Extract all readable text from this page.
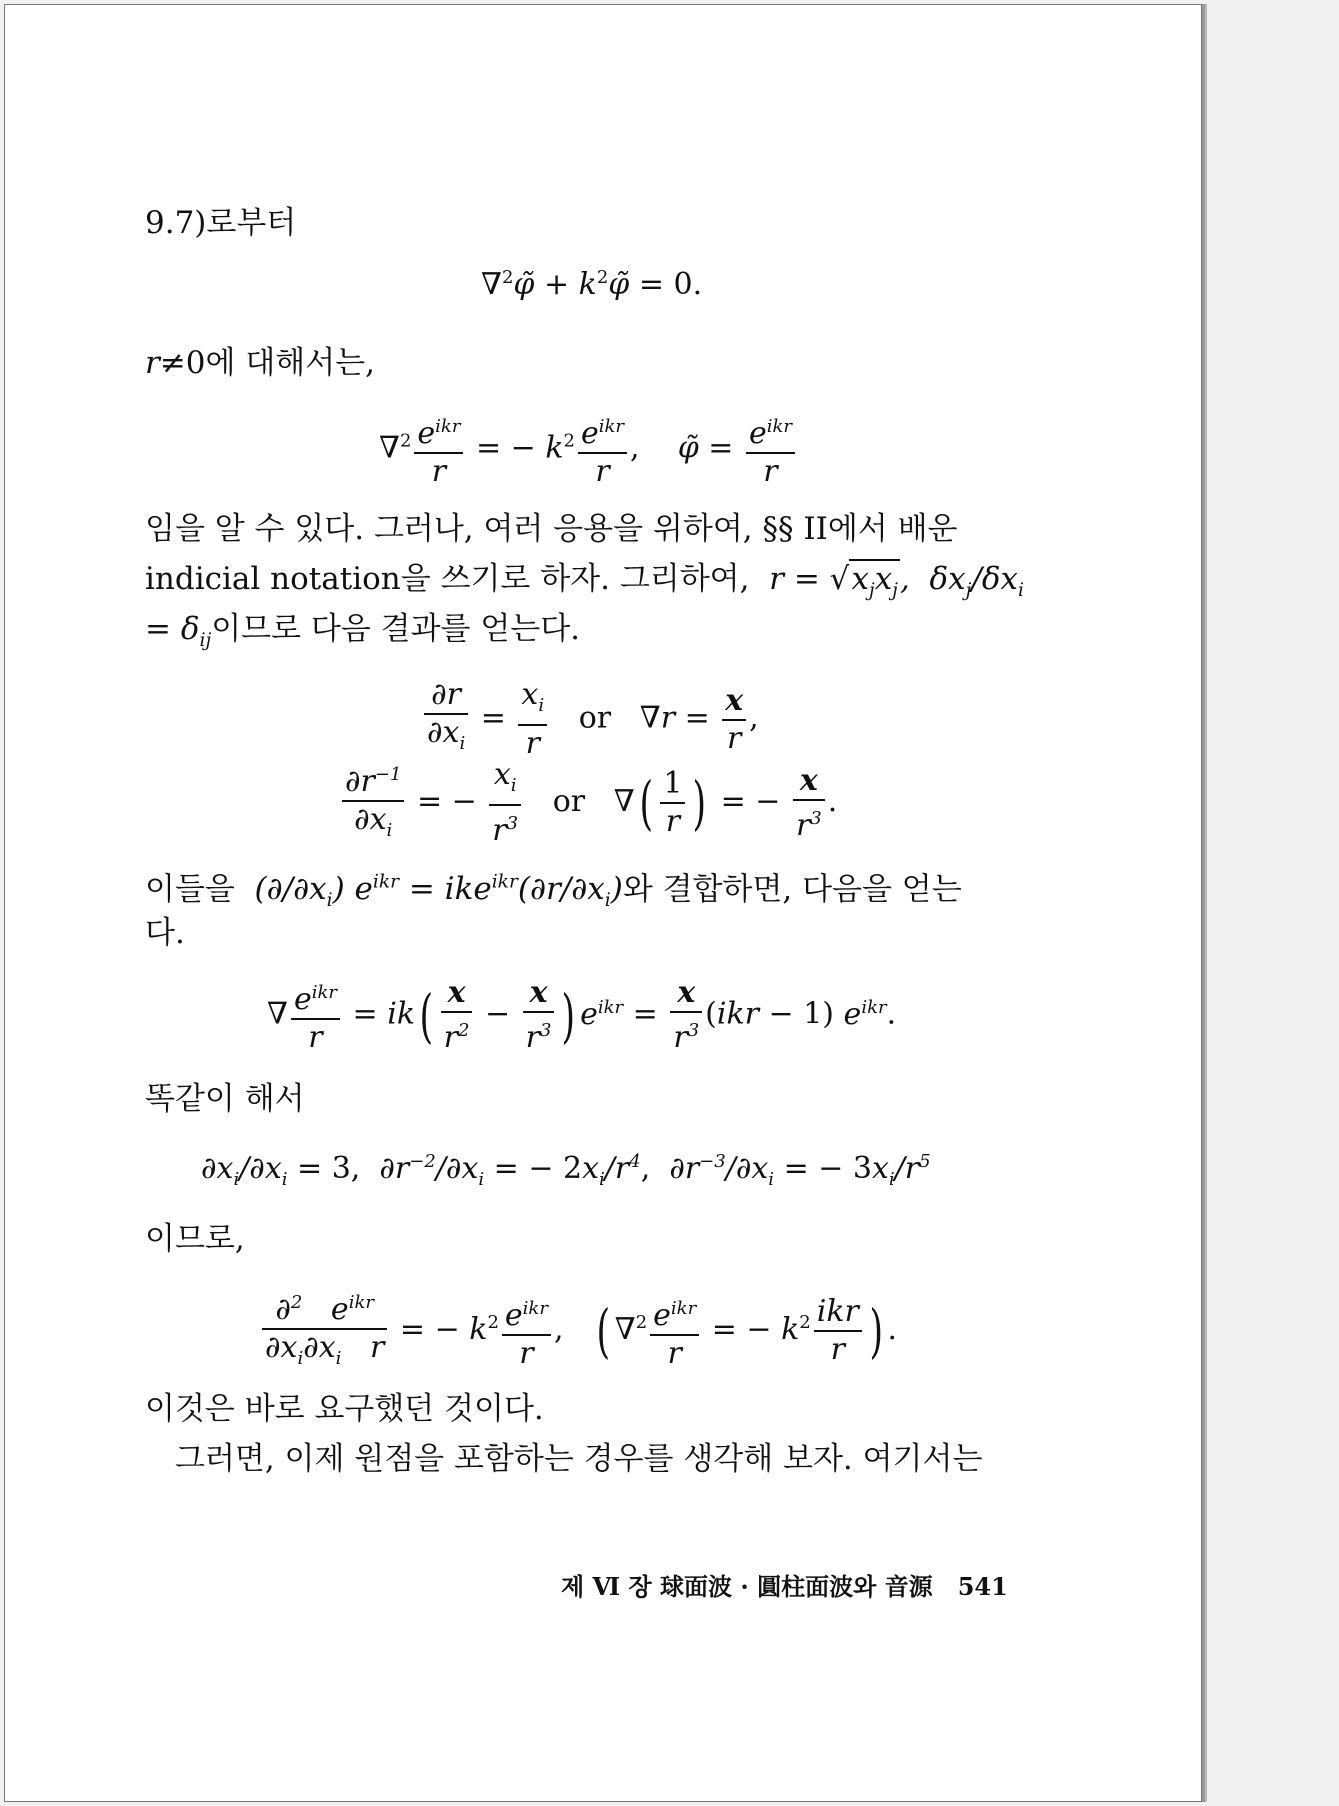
9.7)로부터
∇$^2$φ̃ + $k^2\varphĩ = 0$.
r≠0에 대해서는,
$\nabla^2 \frac{e^{ikr}}{r}$ = − $k^2 \frac{e^{ikr}}{r}$ ,    φ̃ = $\frac{e^{ikr}}{r}$
임을 알 수 있다. 그러나, 여러 응용을 위하여, §§ II에서 배운
indicial notation을 쓰기로 하자. 그리하여,  $r = √x_jx_j$,  $\delta x_j/\delta x_i$
= $\delta_{ij}$이므로 다음 결과를 얻는다.
$\frac{\partial r}{\partial x_i} = \frac{x_i}{r}$ or   $\nabla r = \frac{x}{r}$ ,
$\frac{\partial r^{-1}}{\partial x_i}$ = − $\frac{x_i}{r^3}$ or   ∇( $\frac{1}{r}$ ) = − $\frac{x}{r^3}$ .
이들을  $(\partial/\partial x_i) e^{ikr} = ike^{ikr}(\partial r/\partial x_i)$와 결합하면, 다음을 얻는
다.
∇ $\frac{e^{ikr}}{r} = ik( \frac{x}{r^2} - \frac{x}{r^3}$ ) $e^{ikr} = \frac{x}{r^3} (ikr - 1)$ $e^{ikr}$.
똑같이 해서
$\partial x_i/\partial x_i = 3$,  $\partial r^{-2}/\partial x_i$ = − $2x_i/r^4$,  $\partial r^{-3}/\partial x_i$ = − $3x_i/r^5$
이므로,
$\frac{\partial^2 e^{ikr}}{\partial x_i\partial x_i r}$ = − $k^2 \frac{e^{ikr}}{r}$ ,   ( $\nabla^2 \frac{e^{ikr}}{r}$ = − $k^2 \frac{\text{ikr}}{r}$ ) .
이것은 바로 요구했던 것이다.
그러면, 이제 원점을 포함하는 경우를 생각해 보자. 여기서는
제 Ⅵ 장 球面波 · 圓柱面波와 音源 541
